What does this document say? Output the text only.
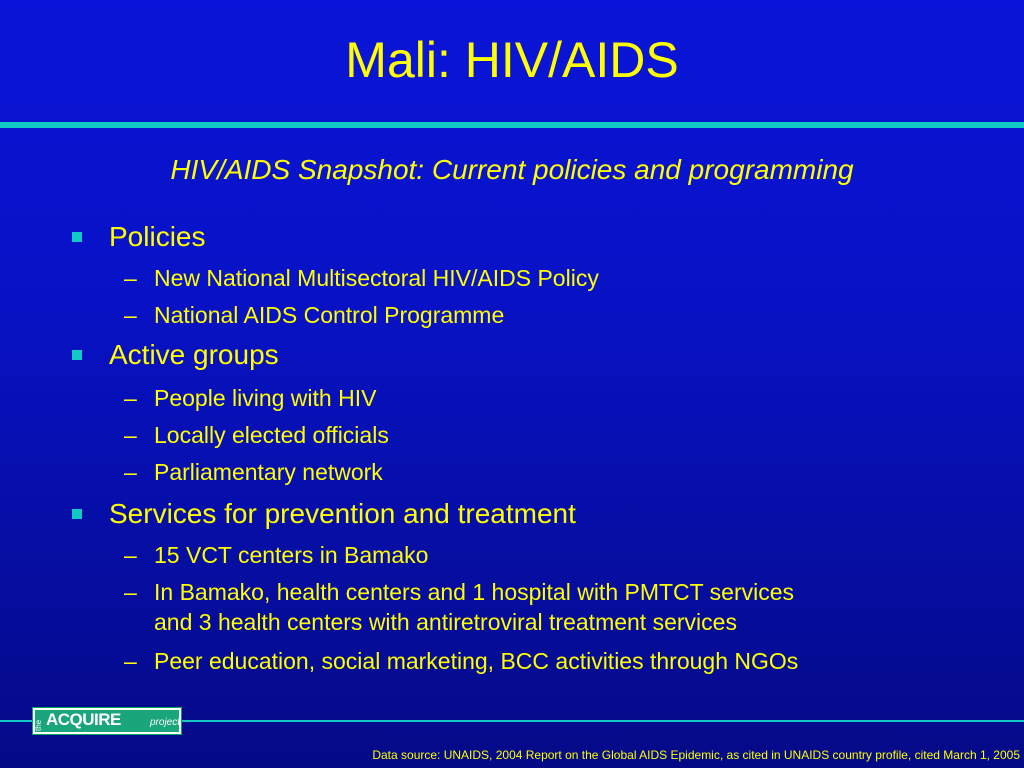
Mali: HIV/AIDS
HIV/AIDS Snapshot: Current policies and programming
Policies
– New National Multisectoral HIV/AIDS Policy
– National AIDS Control Programme
Active groups
– People living with HIV
– Locally elected officials
– Parliamentary network
Services for prevention and treatment
– 15 VCT centers in Bamako
– In Bamako, health centers and 1 hospital with PMTCT services
and 3 health centers with antiretroviral treatment services
– Peer education, social marketing, BCC activities through NGOs
the ACQUIRE	project
Data source: UNAIDS, 2004 Report on the Global AIDS Epidemic, as cited in UNAIDS country profile, cited March 1, 2005
